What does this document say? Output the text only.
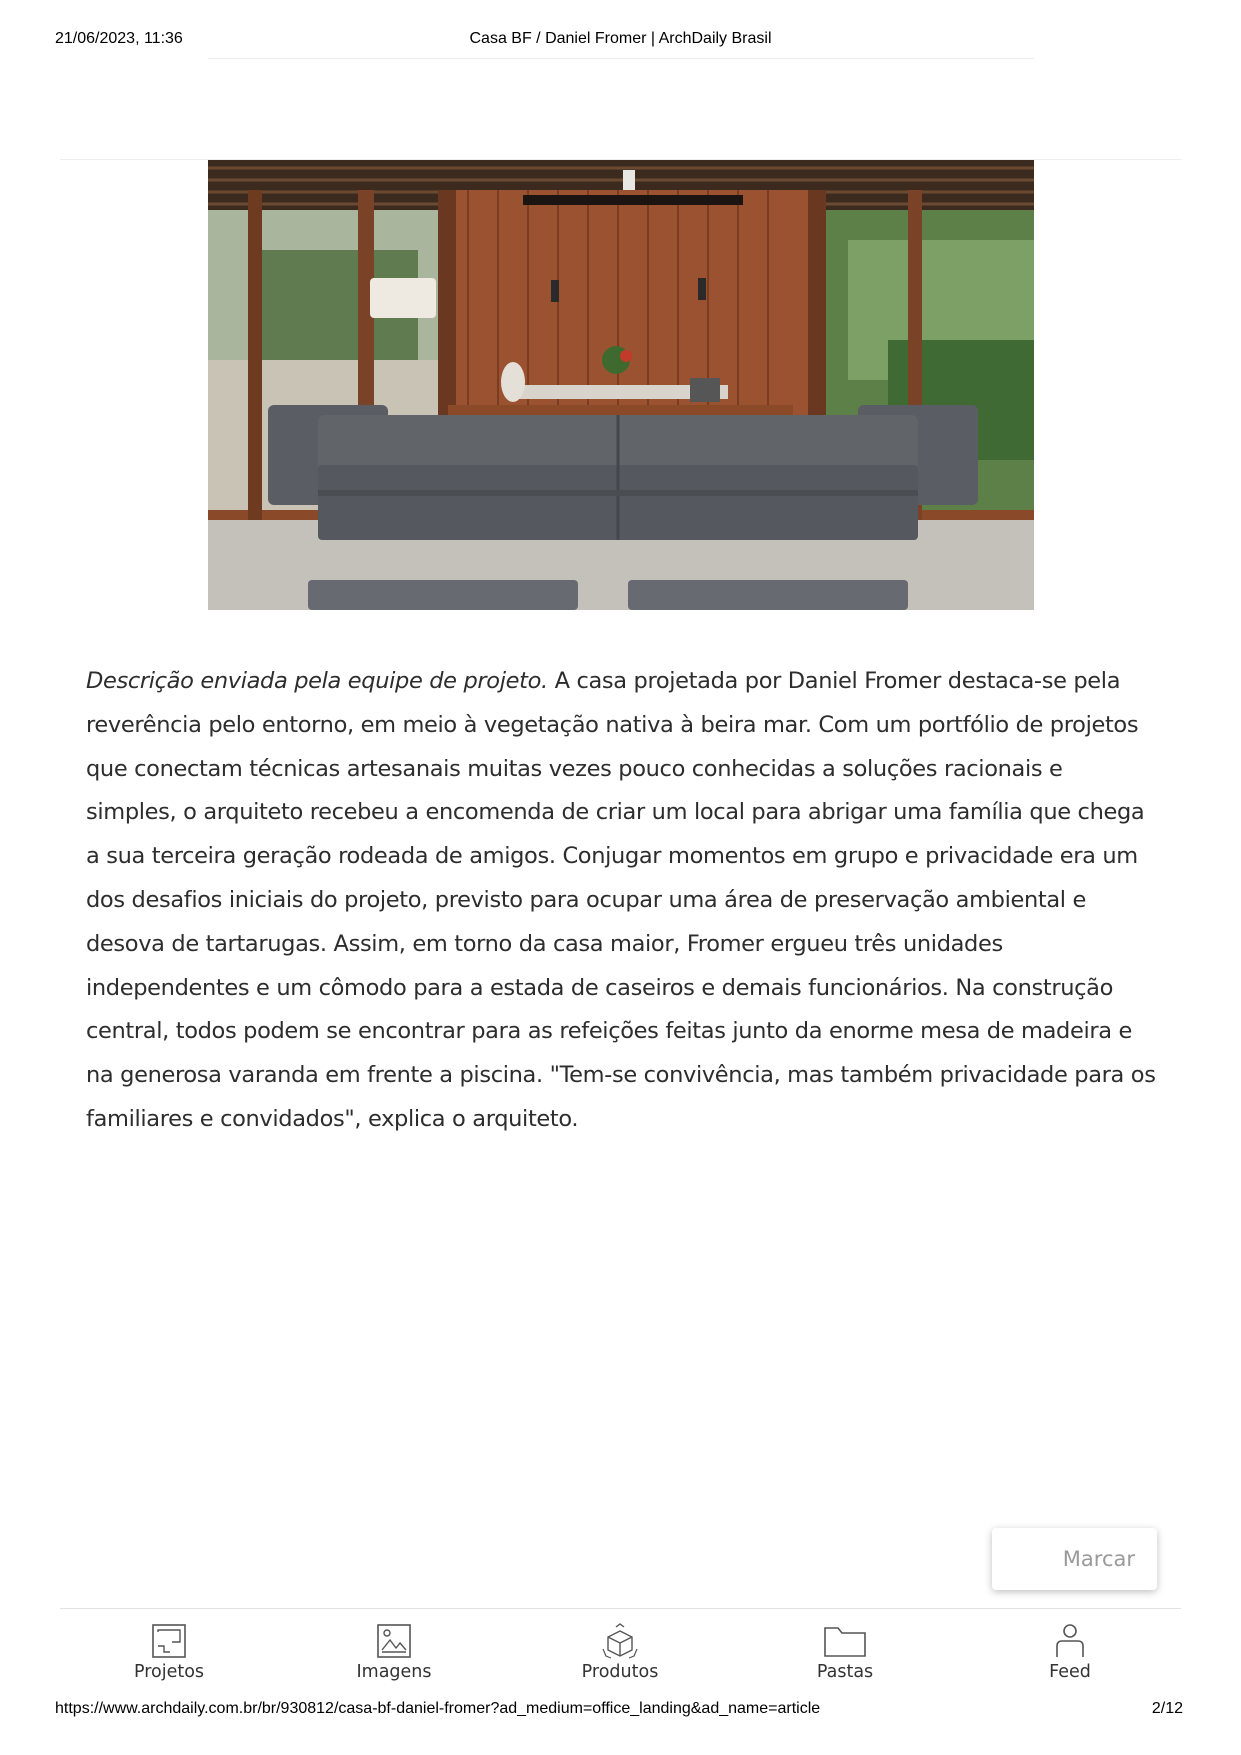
21/06/2023, 11:36	Casa BF / Daniel Fromer | ArchDaily Brasil
Descrição enviada pela equipe de projeto. A casa projetada por Daniel Fromer destaca-se pela reverência pelo entorno, em meio à vegetação nativa à beira mar. Com um portfólio de projetos que conectam técnicas artesanais muitas vezes pouco conhecidas a soluções racionais e simples, o arquiteto recebeu a encomenda de criar um local para abrigar uma família que chega a sua terceira geração rodeada de amigos. Conjugar momentos em grupo e privacidade era um dos desafios iniciais do projeto, previsto para ocupar uma área de preservação ambiental e desova de tartarugas. Assim, em torno da casa maior, Fromer ergueu três unidades independentes e um cômodo para a estada de caseiros e demais funcionários. Na construção central, todos podem se encontrar para as refeições feitas junto da enorme mesa de madeira e na generosa varanda em frente a piscina. "Tem-se convivência, mas também privacidade para os familiares e convidados", explica o arquiteto.
Marcar
Projetos	Imagens	Produtos	Pastas	Feed
https://www.archdaily.com.br/br/930812/casa-bf-daniel-fromer?ad_medium=office_landing&ad_name=article	2/12
